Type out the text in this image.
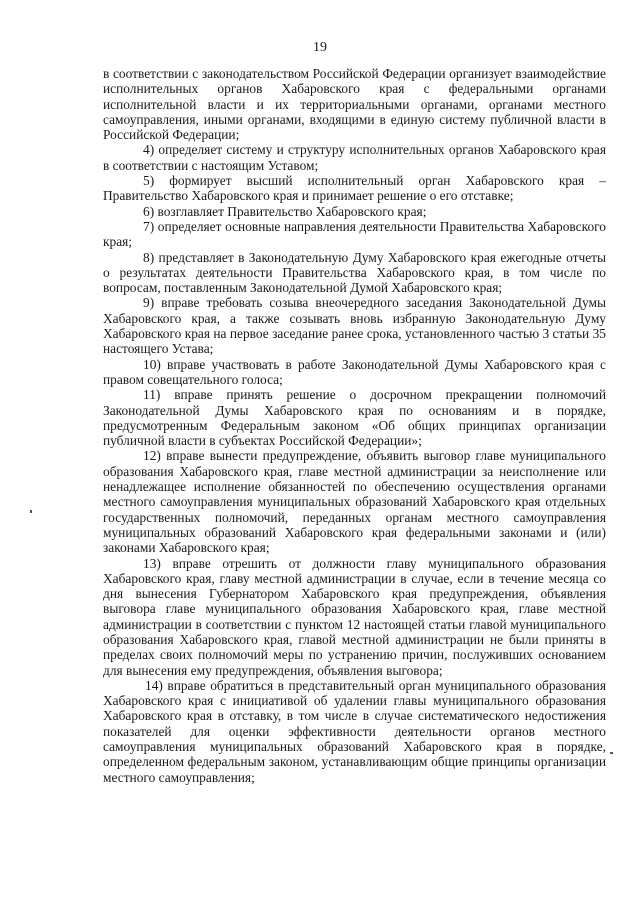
19

в соответствии с законодательством Российской Федерации организует взаимодействие исполнительных органов Хабаровского края с федеральными органами исполнительной власти и их территориальными органами, органами местного самоуправления, иными органами, входящими в единую систему публичной власти в Российской Федерации;

4) определяет систему и структуру исполнительных органов Хабаровского края в соответствии с настоящим Уставом;

5) формирует высший исполнительный орган Хабаровского края – Правительство Хабаровского края и принимает решение о его отставке;

6) возглавляет Правительство Хабаровского края;

7) определяет основные направления деятельности Правительства Хабаровского края;

8) представляет в Законодательную Думу Хабаровского края ежегодные отчеты о результатах деятельности Правительства Хабаровского края, в том числе по вопросам, поставленным Законодательной Думой Хабаровского края;

9) вправе требовать созыва внеочередного заседания Законодательной Думы Хабаровского края, а также созывать вновь избранную Законодательную Думу Хабаровского края на первое заседание ранее срока, установленного частью 3 статьи 35 настоящего Устава;

10) вправе участвовать в работе Законодательной Думы Хабаровского края с правом совещательного голоса;

11) вправе принять решение о досрочном прекращении полномочий Законодательной Думы Хабаровского края по основаниям и в порядке, предусмотренным Федеральным законом «Об общих принципах организации публичной власти в субъектах Российской Федерации»;

12) вправе вынести предупреждение, объявить выговор главе муниципального образования Хабаровского края, главе местной администрации за неисполнение или ненадлежащее исполнение обязанностей по обеспечению осуществления органами местного самоуправления муниципальных образований Хабаровского края отдельных государственных полномочий, переданных органам местного самоуправления муниципальных образований Хабаровского края федеральными законами и (или) законами Хабаровского края;

13) вправе отрешить от должности главу муниципального образования Хабаровского края, главу местной администрации в случае, если в течение месяца со дня вынесения Губернатором Хабаровского края предупреждения, объявления выговора главе муниципального образования Хабаровского края, главе местной администрации в соответствии с пунктом 12 настоящей статьи главой муниципального образования Хабаровского края, главой местной администрации не были приняты в пределах своих полномочий меры по устранению причин, послуживших основанием для вынесения ему предупреждения, объявления выговора;

14) вправе обратиться в представительный орган муниципального образования Хабаровского края с инициативой об удалении главы муниципального образования Хабаровского края в отставку, в том числе в случае систематического недостижения показателей для оценки эффективности деятельности органов местного самоуправления муниципальных образований Хабаровского края в порядке, определенном федеральным законом, устанавливающим общие принципы организации местного самоуправления;
